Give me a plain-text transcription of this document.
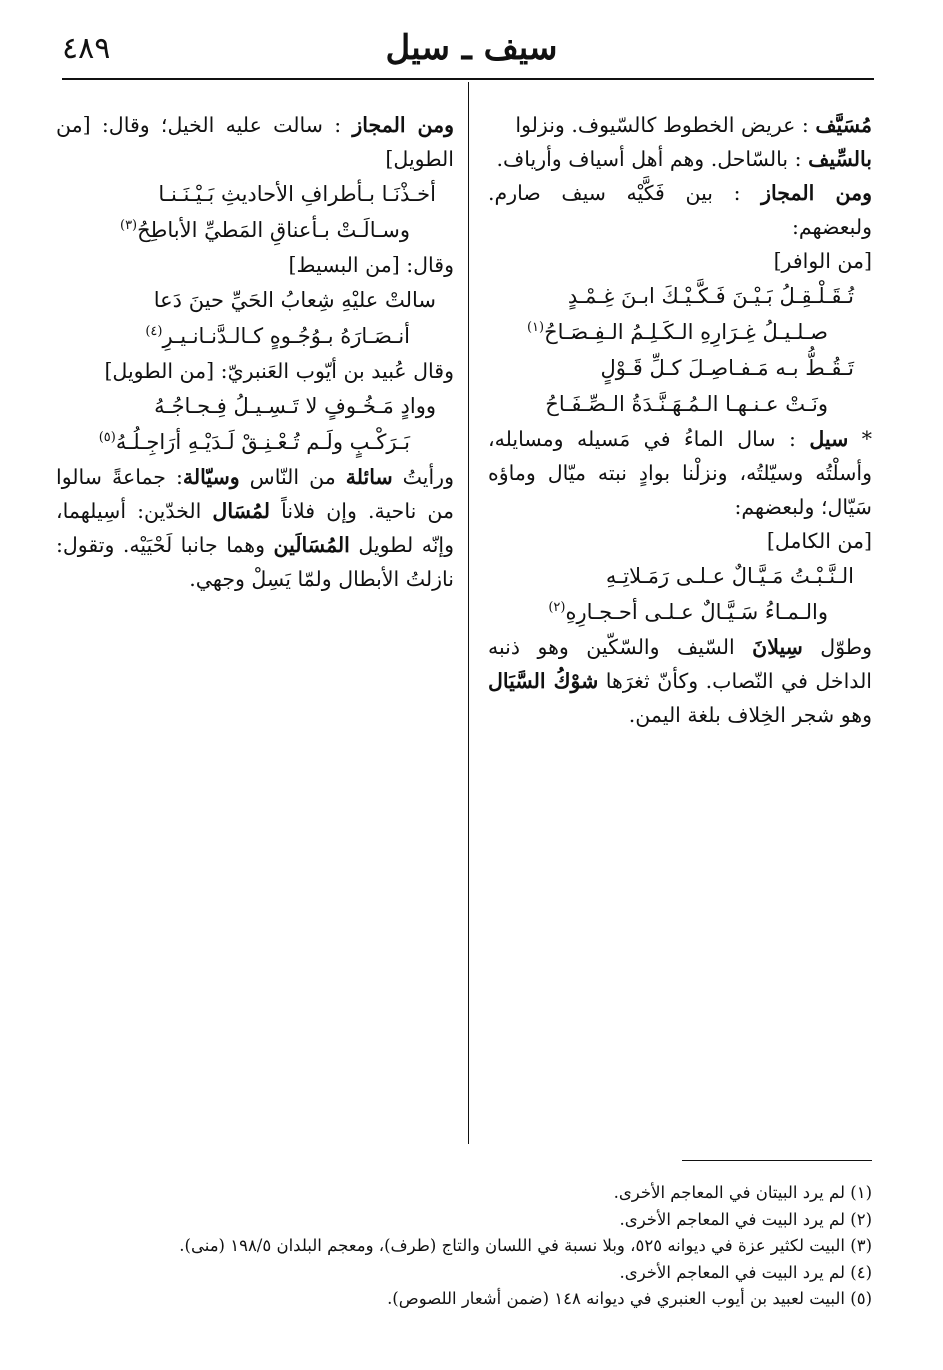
سيف ـ سيل
٤٨٩

مُسَيَّف : عريض الخطوط كالسّيوف. ونزلوا

بالسِّيف : بالسّاحل. وهم أهل أسياف وأرياف.

ومن المجاز : بين فَكَّيْه سيف صارم. ولبعضهم:

[من الوافر]

تُـقَـلْـقِـلُ بَـيْـنَ فَـكَّـيْـكَ ابـنَ غِـمْـدٍ

صـلـيـلُ غِـرَارِهِ الـكَـلِـمُ الـفِـصَـاحُ$^{(١)}$

تَـقُـطُّ بـه مَـفـاصِـلَ كـلِّ قَـوْلٍ

ونَـتْ عـنـهـا الـمُـهَـنَّـدَةُ الـصِّـفَـاحُ

* سيل : سال الماءُ في مَسيله ومسايله، وأسلْتُه وسيّلتُه، ونزلْنا بوادٍ نبته ميّال وماؤه سَيّال؛ ولبعضهم:

[من الكامل]

الـنَّـبْـتُ مَـيَّـالٌ عـلـى رَمَـلاتِـهِ

والـمـاءُ سَـيَّـالٌ عـلـى أحـجـارِهِ$^{(٢)}$

وطوّل سِيلانَ السّيف والسّكّين وهو ذنبه الداخل في النّصاب. وكأنّ ثغرَها شوْكُ السَّيَال وهو شجر الخِلاف بلغة اليمن.

ومن المجاز : سالت عليه الخيل؛ وقال: [من الطويل]

أخـذْنَـا بـأطرافِ الأحاديثِ بَـيْـنَـنـا

وسـالَـتْ بـأعناقِ المَطيِّ الأباطِحُ$^{(٣)}$

وقال: [من البسيط]

سالتْ عليْهِ شِعابُ الحَيِّ حينَ دَعا

أنـصَـارَهُ بـوُجُـوهٍ كـالـدَّنـانـيـرِ$^{(٤)}$

وقال عُبيد بن أيّوب العَنبريّ: [من الطويل]

ووادٍ مَـخُـوفٍ لا تَـسِـيـلُ فِـجـاجُـهُ

بَـرَكْـبٍ ولَـم تُـعْـنِـقْ لَـدَيْـهِ أرَاجِـلُـهُ$^{(٥)}$

ورأيتُ سائلة من النّاس وسيّالة: جماعةً سالوا من ناحية. وإن فلاناً لمُسَال الخدّين: أسِيلهما، وإنّه لطويل المُسَالَين وهما جانبا لَحْيَيْه. وتقول: نازلتُ الأبطال ولمّا يَسِلْ وجهي.

(١) لم يرد البيتان في المعاجم الأخرى.

(٢) لم يرد البيت في المعاجم الأخرى.

(٣) البيت لكثير عزة في ديوانه ٥٢٥، وبلا نسبة في اللسان والتاج (طرف)، ومعجم البلدان ١٩٨/٥ (منى).

(٤) لم يرد البيت في المعاجم الأخرى.

(٥) البيت لعبيد بن أيوب العنبري في ديوانه ١٤٨ (ضمن أشعار اللصوص).
